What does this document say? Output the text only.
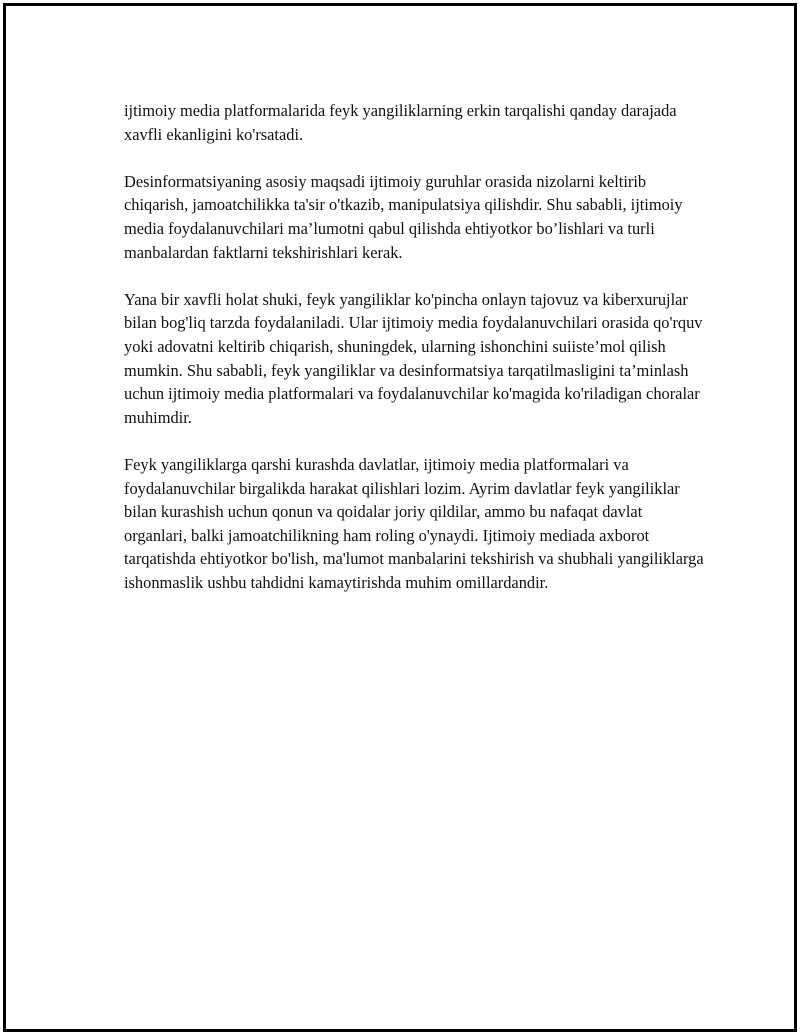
ijtimoiy media platformalarida feyk yangiliklarning erkin tarqalishi qanday darajada xavfli ekanligini ko'rsatadi.

Desinformatsiyaning asosiy maqsadi ijtimoiy guruhlar orasida nizolarni keltirib chiqarish, jamoatchilikka ta'sir o'tkazib, manipulatsiya qilishdir. Shu sababli, ijtimoiy media foydalanuvchilari ma’lumotni qabul qilishda ehtiyotkor bo’lishlari va turli manbalardan faktlarni tekshirishlari kerak.

Yana bir xavfli holat shuki, feyk yangiliklar ko'pincha onlayn tajovuz va kiberxurujlar bilan bog'liq tarzda foydalaniladi. Ular ijtimoiy media foydalanuvchilari orasida qo'rquv yoki adovatni keltirib chiqarish, shuningdek, ularning ishonchini suiiste’mol qilish mumkin. Shu sababli, feyk yangiliklar va desinformatsiya tarqatilmasligini ta’minlash uchun ijtimoiy media platformalari va foydalanuvchilar ko'magida ko'riladigan choralar muhimdir.

Feyk yangiliklarga qarshi kurashda davlatlar, ijtimoiy media platformalari va foydalanuvchilar birgalikda harakat qilishlari lozim. Ayrim davlatlar feyk yangiliklar bilan kurashish uchun qonun va qoidalar joriy qildilar, ammo bu nafaqat davlat organlari, balki jamoatchilikning ham roling o'ynaydi. Ijtimoiy mediada axborot tarqatishda ehtiyotkor bo'lish, ma'lumot manbalarini tekshirish va shubhali yangiliklarga ishonmaslik ushbu tahdidni kamaytirishda muhim omillardandir.
